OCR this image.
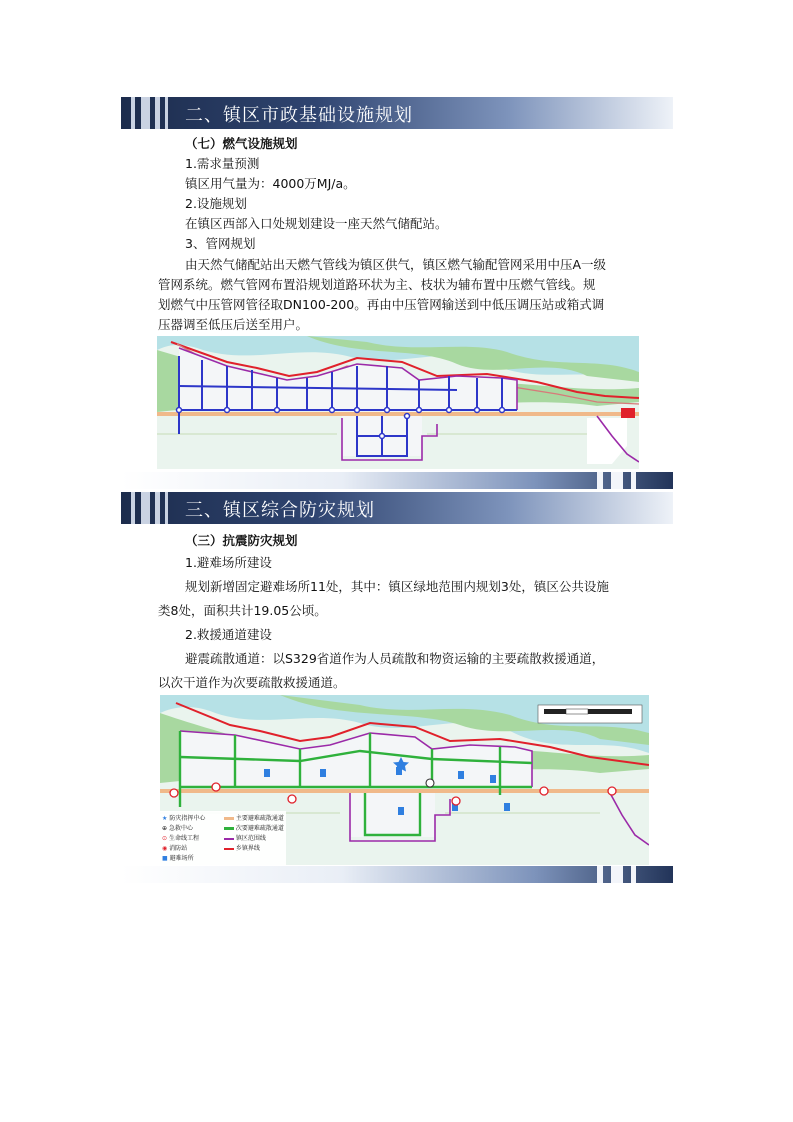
二、镇区市政基础设施规划
（七）燃气设施规划
1.需求量预测
镇区用气量为：4000万MJ/a。
2.设施规划
在镇区西部入口处规划建设一座天然气储配站。
3、管网规划
由天然气储配站出天燃气管线为镇区供气，镇区燃气输配管网采用中压A一级
管网系统。燃气管网布置沿规划道路环状为主、枝状为辅布置中压燃气管线。规
划燃气中压管网管径取DN100-200。再由中压管网输送到中低压调压站或箱式调
压器调至低压后送至用户。
三、镇区综合防灾规划
（三）抗震防灾规划
1.避难场所建设
规划新增固定避难场所11处，其中：镇区绿地范围内规划3处，镇区公共设施
类8处，面积共计19.05公顷。
2.救援通道建设
避震疏散通道：以S329省道作为人员疏散和物资运输的主要疏散救援通道，
以次干道作为次要疏散救援通道。
★ 防灾指挥中心
⊕ 急救中心
⊙ 生命线工程
◉ 消防站
■ 避难场所
主要避难疏散通道
次要避难疏散通道
镇区范围线
乡镇界线
